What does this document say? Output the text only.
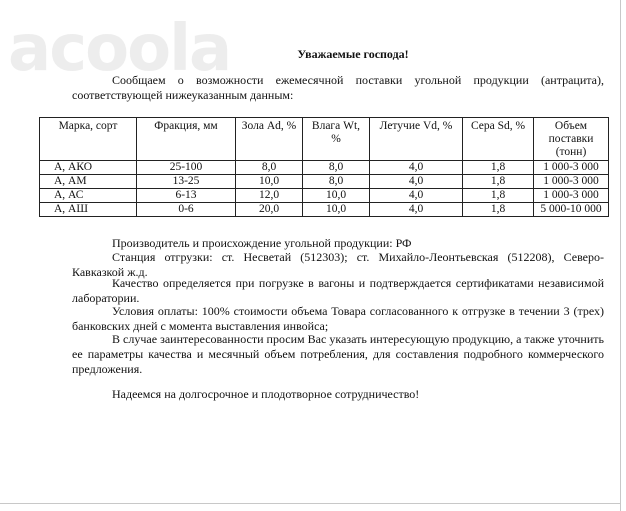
acoola	Уважаемые господа!
Сообщаем о возможности ежемесячной поставки угольной продукции (антрацита), соответствующей нижеуказанным данным:
Марка, сорт	Фракция, мм	Зола Ad, %	Влага Wt, %	Летучие Vd, %	Сера Sd, %	Объем поставки (тонн)
А, АКО	25-100	8,0	8,0	4,0	1,8	1 000-3 000
А, АМ	13-25	10,0	8,0	4,0	1,8	1 000-3 000
А, АС	6-13	12,0	10,0	4,0	1,8	1 000-3 000
А, АШ	0-6	20,0	10,0	4,0	1,8	5 000-10 000
Производитель и происхождение угольной продукции: РФ
Станция отгрузки: ст. Несветай (512303); ст. Михайло-Леонтьевская (512208), Северо-Кавказкой ж.д.
Качество определяется при погрузке в вагоны и подтверждается сертификатами независимой лаборатории.
Условия оплаты: 100% стоимости объема Товара согласованного к отгрузке в течении 3 (трех) банковских дней с момента выставления инвойса;
В случае заинтересованности просим Вас указать интересующую продукцию, а также уточнить ее параметры качества и месячный объем потребления, для составления подробного коммерческого предложения.
Надеемся на долгосрочное и плодотворное сотрудничество!
